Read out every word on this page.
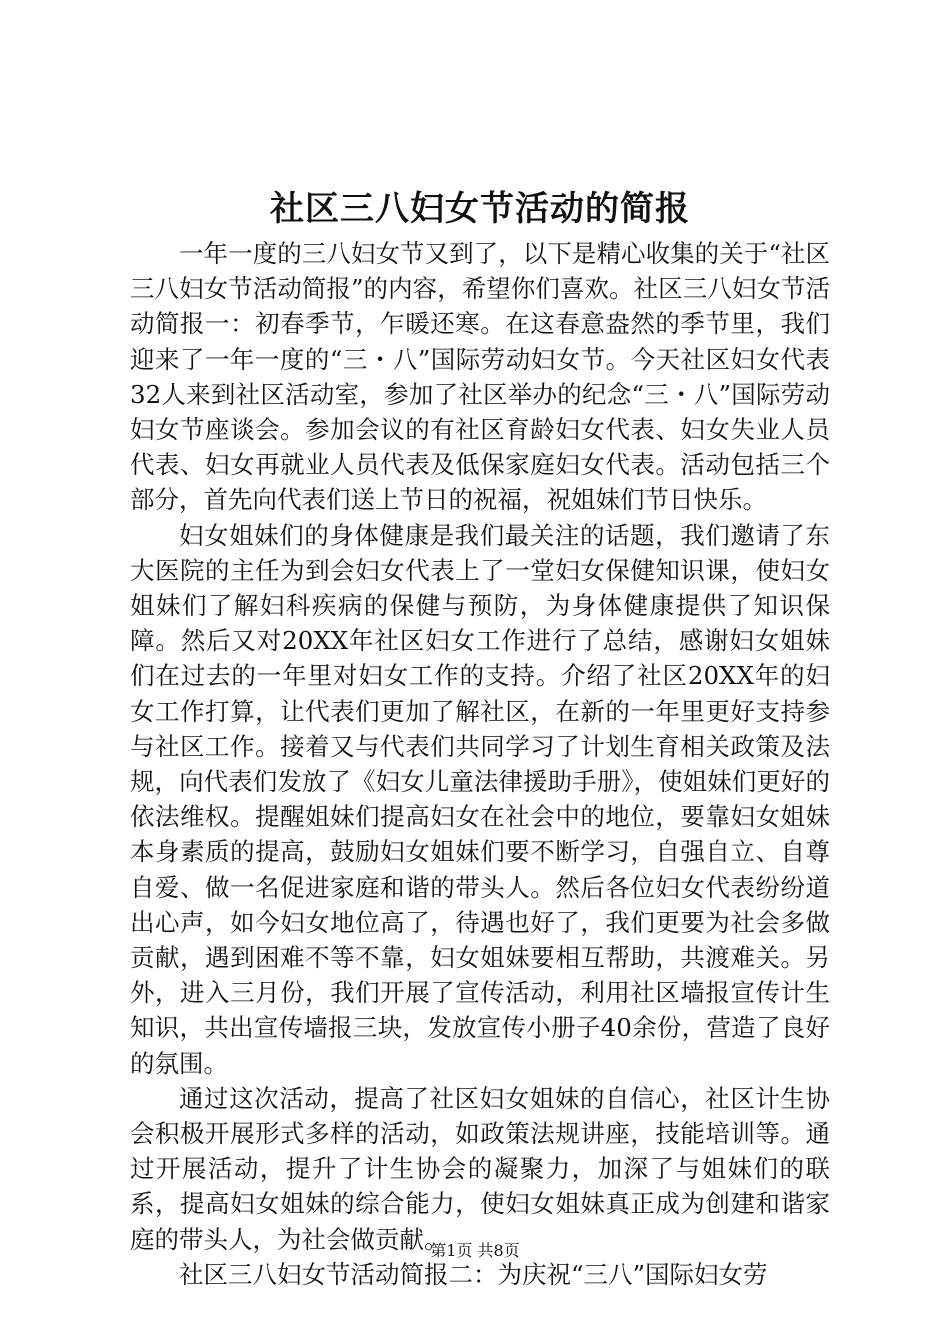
社区三八妇女节活动的简报

一年一度的三八妇女节又到了，以下是精心收集的关于“社区三八妇女节活动简报”的内容，希望你们喜欢。社区三八妇女节活动简报一：初春季节，乍暖还寒。在这春意盎然的季节里，我们迎来了一年一度的“三・八”国际劳动妇女节。今天社区妇女代表32人来到社区活动室，参加了社区举办的纪念“三・八”国际劳动妇女节座谈会。参加会议的有社区育龄妇女代表、妇女失业人员代表、妇女再就业人员代表及低保家庭妇女代表。活动包括三个部分，首先向代表们送上节日的祝福，祝姐妹们节日快乐。

妇女姐妹们的身体健康是我们最关注的话题，我们邀请了东大医院的主任为到会妇女代表上了一堂妇女保健知识课，使妇女姐妹们了解妇科疾病的保健与预防，为身体健康提供了知识保障。然后又对20XX年社区妇女工作进行了总结，感谢妇女姐妹们在过去的一年里对妇女工作的支持。介绍了社区20XX年的妇女工作打算，让代表们更加了解社区，在新的一年里更好支持参与社区工作。接着又与代表们共同学习了计划生育相关政策及法规，向代表们发放了《妇女儿童法律援助手册》，使姐妹们更好的依法维权。提醒姐妹们提高妇女在社会中的地位，要靠妇女姐妹本身素质的提高，鼓励妇女姐妹们要不断学习，自强自立、自尊自爱、做一名促进家庭和谐的带头人。然后各位妇女代表纷纷道出心声，如今妇女地位高了，待遇也好了，我们更要为社会多做贡献，遇到困难不等不靠，妇女姐妹要相互帮助，共渡难关。另外，进入三月份，我们开展了宣传活动，利用社区墙报宣传计生知识，共出宣传墙报三块，发放宣传小册子40余份，营造了良好的氛围。

通过这次活动，提高了社区妇女姐妹的自信心，社区计生协会积极开展形式多样的活动，如政策法规讲座，技能培训等。通过开展活动，提升了计生协会的凝聚力，加深了与姐妹们的联系，提高妇女姐妹的综合能力，使妇女姐妹真正成为创建和谐家庭的带头人，为社会做贡献。

社区三八妇女节活动简报二：为庆祝“三八”国际妇女劳

第1页 共8页
